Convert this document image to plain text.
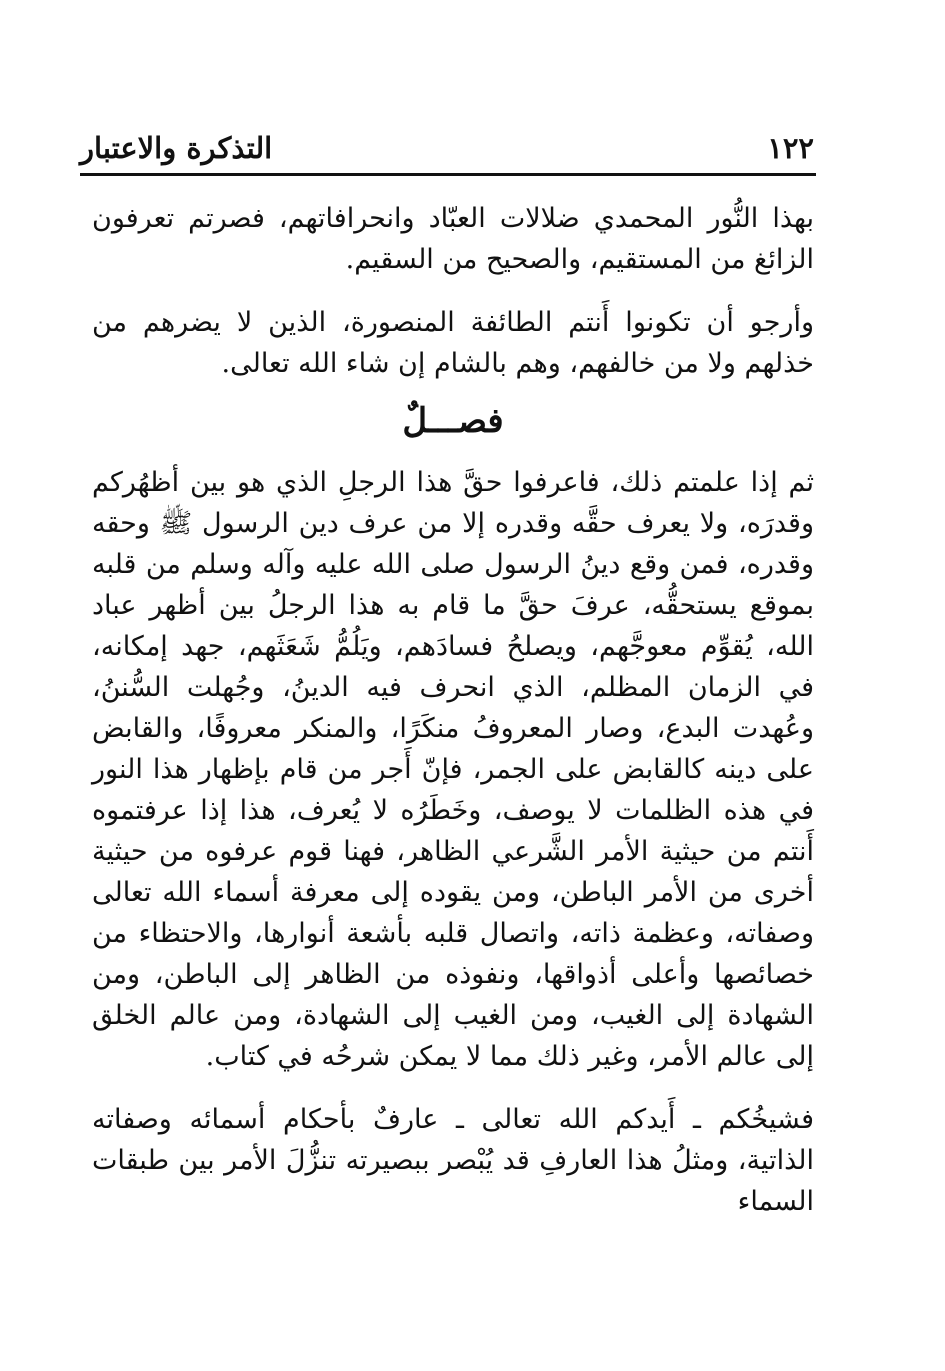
التذكرة والاعتبار	١٢٢

بهذا النُّور المحمدي ضلالات العبّاد وانحرافاتهم، فصرتم تعرفون الزائغ من المستقيم، والصحيح من السقيم.

وأرجو أن تكونوا أَنتم الطائفة المنصورة، الذين لا يضرهم من خذلهم ولا من خالفهم، وهم بالشام إن شاء الله تعالى.

فصـــلٌ

ثم إذا علمتم ذلك، فاعرفوا حقَّ هذا الرجلِ الذي هو بين أظهُركم وقدرَه، ولا يعرف حقَّه وقدره إلا من عرف دين الرسول ﷺ وحقه وقدره، فمن وقع دينُ الرسول صلى الله عليه وآله وسلم من قلبه بموقع يستحقُّه، عرفَ حقَّ ما قام به هذا الرجلُ بين أظهر عباد الله، يُقوِّم معوجَّهم، ويصلحُ فسادَهم، ويَلُمُّ شَعَثَهم، جهد إمكانه، في الزمان المظلم، الذي انحرف فيه الدينُ، وجُهلت السُّننُ، وعُهدت البدع، وصار المعروفُ منكَرًا، والمنكر معروفًا، والقابض على دينه كالقابض على الجمر، فإنّ أَجر من قام بإظهار هذا النور في هذه الظلمات لا يوصف، وخَطَرُه لا يُعرف، هذا إذا عرفتموه أَنتم من حيثية الأمر الشَّرعي الظاهر، فهنا قوم عرفوه من حيثية أخرى من الأمر الباطن، ومن يقوده إلى معرفة أسماء الله تعالى وصفاته، وعظمة ذاته، واتصال قلبه بأشعة أنوارها، والاحتظاء من خصائصها وأعلى أذواقها، ونفوذه من الظاهر إلى الباطن، ومن الشهادة إلى الغيب، ومن الغيب إلى الشهادة، ومن عالم الخلق إلى عالم الأمر، وغير ذلك مما لا يمكن شرحُه في كتاب.

فشيخُكم ـ أَيدكم الله تعالى ـ عارفٌ بأحكام أسمائه وصفاته الذاتية، ومثلُ هذا العارفِ قد يُبْصر ببصيرته تنزُّلَ الأمر بين طبقات السماء
